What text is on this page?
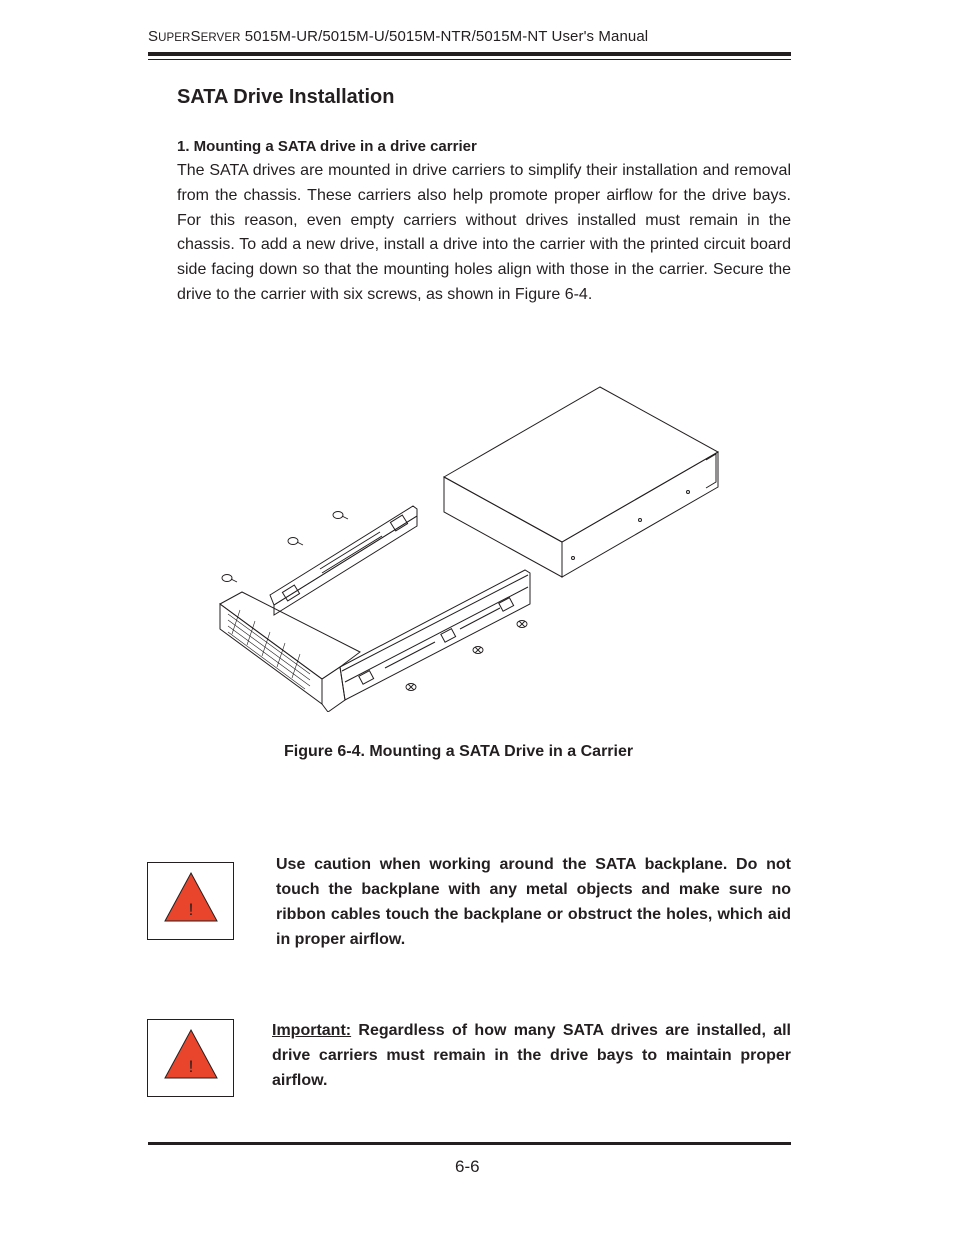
SUPERSERVER 5015M-UR/5015M-U/5015M-NTR/5015M-NT User's Manual
SATA Drive Installation
1. Mounting a SATA drive in a drive carrier

The SATA drives are mounted in drive carriers to simplify their installation and removal from the chassis. These carriers also help promote proper airflow for the drive bays. For this reason, even empty carriers without drives installed must remain in the chassis. To add a new drive, install a drive into the carrier with the printed circuit board side facing down so that the mounting holes align with those in the carrier. Secure the drive to the carrier with six screws, as shown in Figure 6-4.

Figure 6-4. Mounting a SATA Drive in a Carrier
!

Use caution when working around the SATA backplane. Do not touch the backplane with any metal objects and make sure no ribbon cables touch the backplane or obstruct the holes, which aid in proper airflow.

!

Important: Regardless of how many SATA drives are installed, all drive carriers must remain in the drive bays to maintain proper airflow.

6-6
